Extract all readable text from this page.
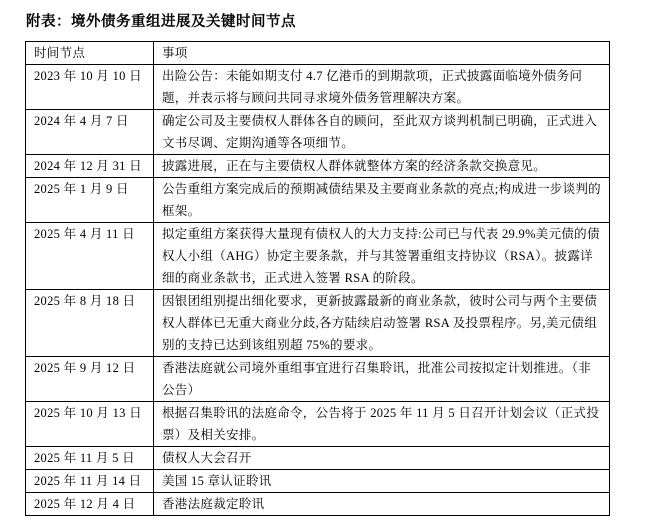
附表：境外债务重组进展及关键时间节点
时间节点	事项
2023 年 10 月 10 日	出险公告：未能如期支付 4.7 亿港币的到期款项，正式披露面临境外债务问题，并表示将与顾问共同寻求境外债务管理解决方案。
2024 年 4 月 7 日	确定公司及主要债权人群体各自的顾问，至此双方谈判机制已明确，正式进入文书尽调、定期沟通等各项细节。
2024 年 12 月 31 日	披露进展，正在与主要债权人群体就整体方案的经济条款交换意见。
2025 年 1 月 9 日	公告重组方案完成后的预期减债结果及主要商业条款的亮点;构成进一步谈判的框架。
2025 年 4 月 11 日	拟定重组方案获得大量现有债权人的大力支持:公司已与代表 29.9%美元债的债权人小组（AHG）协定主要条款，并与其签署重组支持协议（RSA）。披露详细的商业条款书，正式进入签署 RSA 的阶段。
2025 年 8 月 18 日	因银团组别提出细化要求，更新披露最新的商业条款，彼时公司与两个主要债权人群体已无重大商业分歧,各方陆续启动签署 RSA 及投票程序。另,美元债组别的支持已达到该组别超 75%的要求。
2025 年 9 月 12 日	香港法庭就公司境外重组事宜进行召集聆讯，批准公司按拟定计划推进。（非公告）
2025 年 10 月 13 日	根据召集聆讯的法庭命令，公告将于 2025 年 11 月 5 日召开计划会议（正式投票）及相关安排。
2025 年 11 月 5 日	债权人大会召开
2025 年 11 月 14 日	美国 15 章认证聆讯
2025 年 12 月 4 日	香港法庭裁定聆讯
